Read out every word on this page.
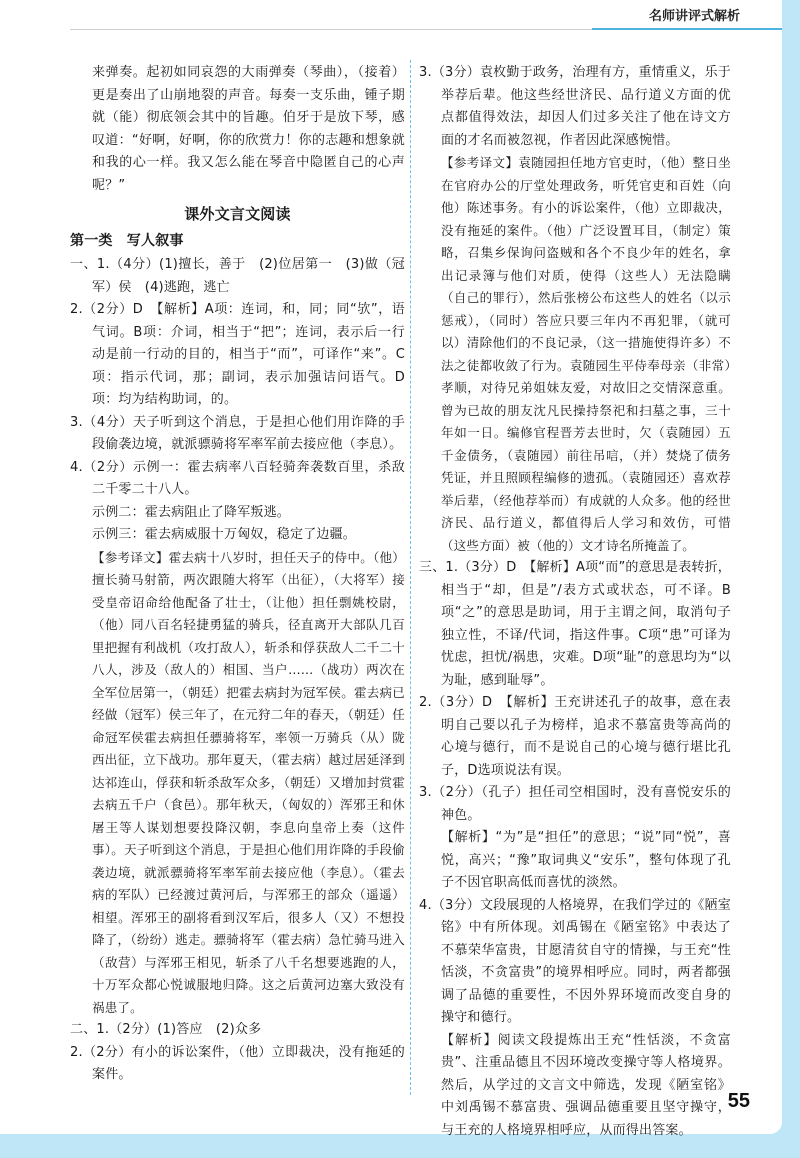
名师讲评式解析

来弹奏。起初如同哀怨的大雨弹奏（琴曲），（接着）更是奏出了山崩地裂的声音。每奏一支乐曲，锺子期就（能）彻底领会其中的旨趣。伯牙于是放下琴，感叹道：“好啊，好啊，你的欣赏力！你的志趣和想象就和我的心一样。我又怎么能在琴音中隐匿自己的心声呢？”

课外文言文阅读
第一类　写人叙事

一、1.（4分）(1)擅长，善于　(2)位居第一　(3)做（冠军）侯　(4)逃跑，逃亡

2.（2分）D　【解析】A项：连词，和，同；同“欤”，语气词。B项：介词，相当于“把”；连词，表示后一行动是前一行动的目的，相当于“而”，可译作“来”。C项：指示代词，那；副词，表示加强诘问语气。D项：均为结构助词，的。

3.（4分）天子听到这个消息，于是担心他们用诈降的手段偷袭边境，就派骠骑将军率军前去接应他（李息）。

4.（2分）示例一：霍去病率八百轻骑奔袭数百里，杀敌二千零二十八人。

示例二：霍去病阻止了降军叛逃。

示例三：霍去病威服十万匈奴，稳定了边疆。

【参考译文】霍去病十八岁时，担任天子的侍中。（他）擅长骑马射箭，两次跟随大将军（出征），（大将军）接受皇帝诏命给他配备了壮士，（让他）担任剽姚校尉，（他）同八百名轻捷勇猛的骑兵，径直离开大部队几百里把握有利战机（攻打敌人），斩杀和俘获敌人二千二十八人，涉及（敌人的）相国、当户……（战功）两次在全军位居第一，（朝廷）把霍去病封为冠军侯。霍去病已经做（冠军）侯三年了，在元狩二年的春天，（朝廷）任命冠军侯霍去病担任骠骑将军，率领一万骑兵（从）陇西出征，立下战功。那年夏天，（霍去病）越过居延泽到达祁连山，俘获和斩杀敌军众多，（朝廷）又增加封赏霍去病五千户（食邑）。那年秋天，（匈奴的）浑邪王和休屠王等人谋划想要投降汉朝，李息向皇帝上奏（这件事）。天子听到这个消息，于是担心他们用诈降的手段偷袭边境，就派骠骑将军率军前去接应他（李息）。（霍去病的军队）已经渡过黄河后，与浑邪王的部众（遥遥）相望。浑邪王的副将看到汉军后，很多人（又）不想投降了，（纷纷）逃走。骠骑将军（霍去病）急忙骑马进入（敌营）与浑邪王相见，斩杀了八千名想要逃跑的人，十万军众都心悦诚服地归降。这之后黄河边塞大致没有祸患了。

二、1.（2分）(1)答应　(2)众多

2.（2分）有小的诉讼案件，（他）立即裁决，没有拖延的案件。

3.（3分）袁枚勤于政务，治理有方，重情重义，乐于举荐后辈。他这些经世济民、品行道义方面的优点都值得效法，却因人们过多关注了他在诗文方面的才名而被忽视，作者因此深感惋惜。

【参考译文】袁随园担任地方官吏时，（他）整日坐在官府办公的厅堂处理政务，听凭官吏和百姓（向他）陈述事务。有小的诉讼案件，（他）立即裁决，没有拖延的案件。（他）广泛设置耳目，（制定）策略，召集乡保询问盗贼和各个不良少年的姓名，拿出记录簿与他们对质，使得（这些人）无法隐瞒（自己的罪行），然后张榜公布这些人的姓名（以示惩戒），（同时）答应只要三年内不再犯罪，（就可以）清除他们的不良记录，（这一措施使得许多）不法之徒都收敛了行为。袁随园生平侍奉母亲（非常）孝顺，对待兄弟姐妹友爱，对故旧之交情深意重。曾为已故的朋友沈凡民操持祭祀和扫墓之事，三十年如一日。编修官程晋芳去世时，欠（袁随园）五千金债务，（袁随园）前往吊唁，（并）焚烧了债务凭证，并且照顾程编修的遗孤。（袁随园还）喜欢荐举后辈，（经他荐举而）有成就的人众多。他的经世济民、品行道义，都值得后人学习和效仿，可惜（这些方面）被（他的）文才诗名所掩盖了。

三、1.（3分）D　【解析】A项“而”的意思是表转折，相当于“却，但是”/表方式或状态，可不译。B项“之”的意思是助词，用于主谓之间，取消句子独立性，不译/代词，指这件事。C项“患”可译为忧虑，担忧/祸患，灾难。D项“耻”的意思均为“以为耻，感到耻辱”。

2.（3分）D　【解析】王充讲述孔子的故事，意在表明自己要以孔子为榜样，追求不慕富贵等高尚的心境与德行，而不是说自己的心境与德行堪比孔子，D选项说法有误。

3.（2分）（孔子）担任司空相国时，没有喜悦安乐的神色。

【解析】“为”是“担任”的意思；“说”同“悦”，喜悦，高兴；“豫”取词典义“安乐”，整句体现了孔子不因官职高低而喜忧的淡然。

4.（3分）文段展现的人格境界，在我们学过的《陋室铭》中有所体现。刘禹锡在《陋室铭》中表达了不慕荣华富贵，甘愿清贫自守的情操，与王充“性恬淡，不贪富贵”的境界相呼应。同时，两者都强调了品德的重要性，不因外界环境而改变自身的操守和德行。

【解析】阅读文段提炼出王充“性恬淡，不贪富贵”、注重品德且不因环境改变操守等人格境界。然后，从学过的文言文中筛选，发现《陋室铭》中刘禹锡不慕富贵、强调品德重要且坚守操守，与王充的人格境界相呼应，从而得出答案。

55
